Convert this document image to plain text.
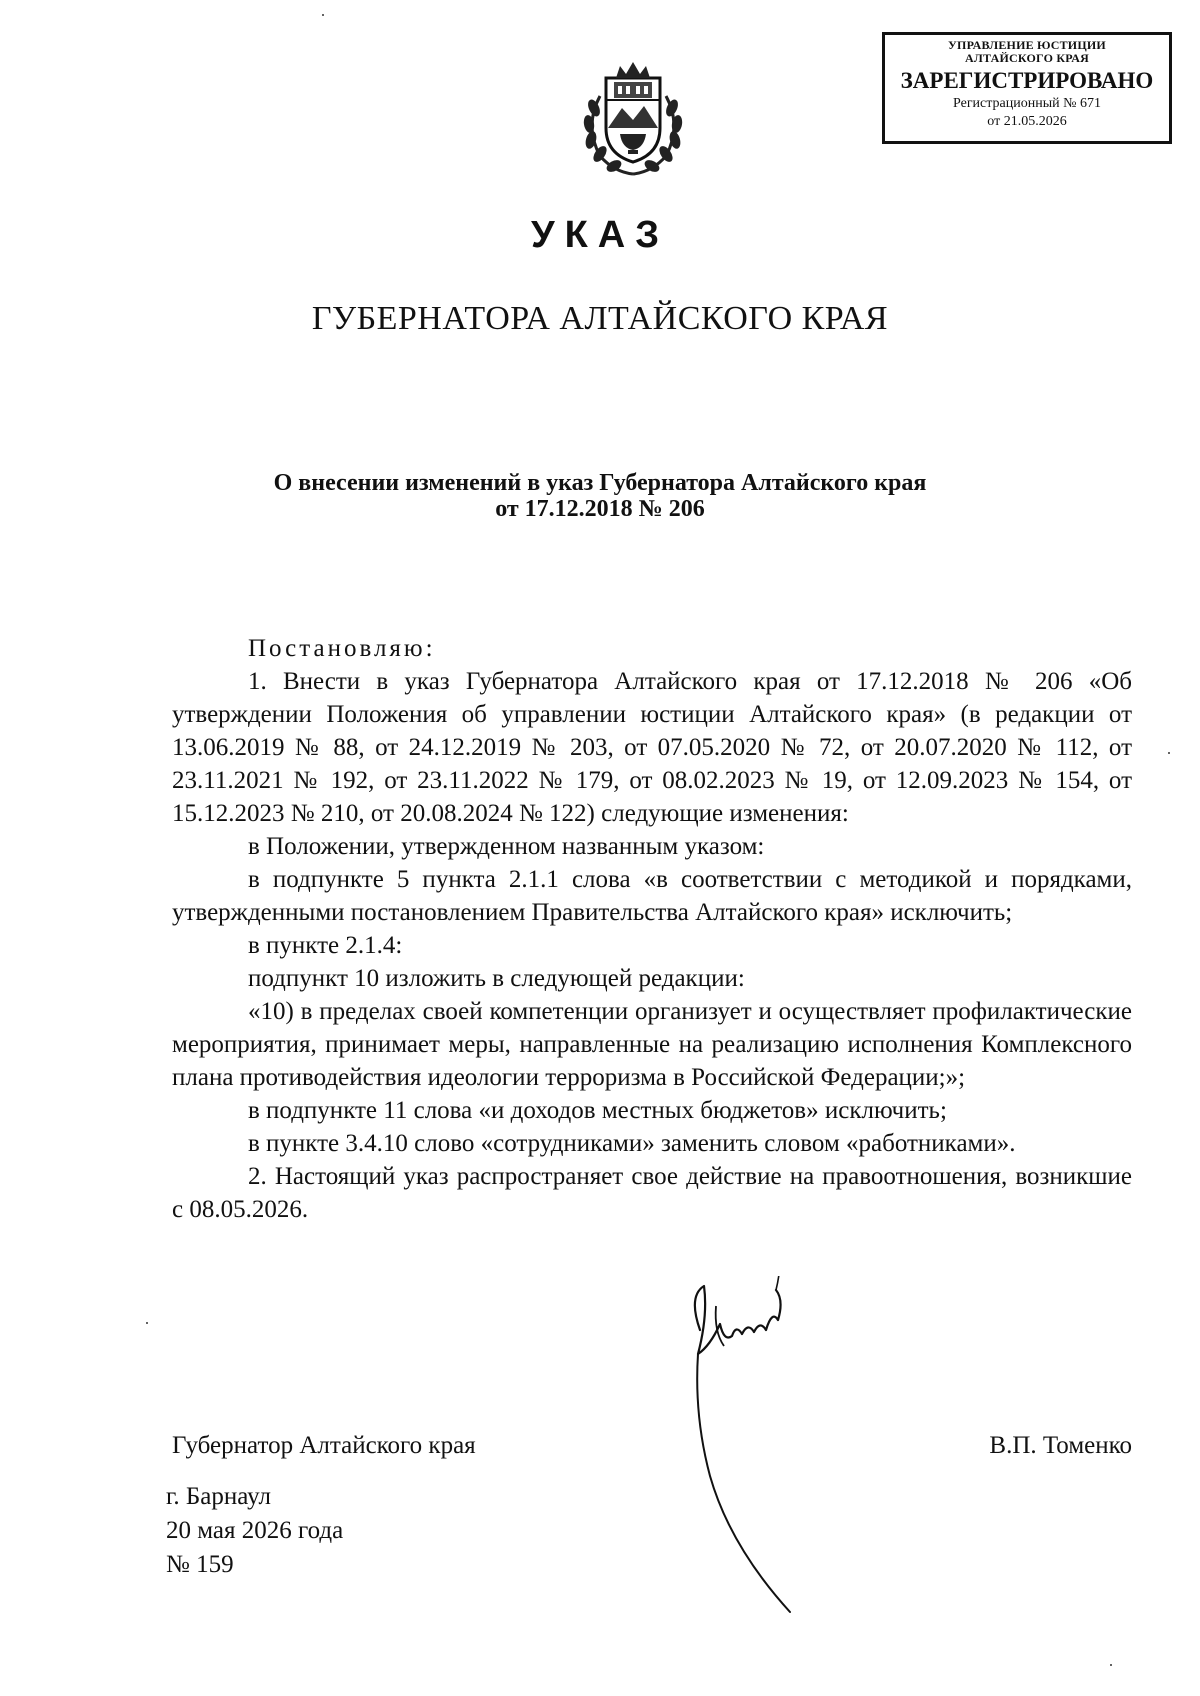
УПРАВЛЕНИЕ ЮСТИЦИИ
АЛТАЙСКОГО КРАЯ
ЗАРЕГИСТРИРОВАНО
Регистрационный № 671
от 21.05.2026
УКАЗ
ГУБЕРНАТОРА АЛТАЙСКОГО КРАЯ
О внесении изменений в указ Губернатора Алтайского края
от 17.12.2018 № 206

Постановляю:

1. Внести в указ Губернатора Алтайского края от 17.12.2018 № 206 «Об утверждении Положения об управлении юстиции Алтайского края» (в редакции от 13.06.2019 № 88, от 24.12.2019 № 203, от 07.05.2020 № 72, от 20.07.2020 № 112, от 23.11.2021 № 192, от 23.11.2022 № 179, от 08.02.2023 № 19, от 12.09.2023 № 154, от 15.12.2023 № 210, от 20.08.2024 № 122) следующие изменения:

в Положении, утвержденном названным указом:

в подпункте 5 пункта 2.1.1 слова «в соответствии с методикой и порядками, утвержденными постановлением Правительства Алтайского края» исключить;

в пункте 2.1.4:

подпункт 10 изложить в следующей редакции:

«10) в пределах своей компетенции организует и осуществляет профилактические мероприятия, принимает меры, направленные на реализацию исполнения Комплексного плана противодействия идеологии терроризма в Российской Федерации;»;

в подпункте 11 слова «и доходов местных бюджетов» исключить;

в пункте 3.4.10 слово «сотрудниками» заменить словом «работниками».

2. Настоящий указ распространяет свое действие на правоотношения, возникшие с 08.05.2026.

Губернатор Алтайского края	В.П. Томенко
г. Барнаул
20 мая 2026 года
№ 159
